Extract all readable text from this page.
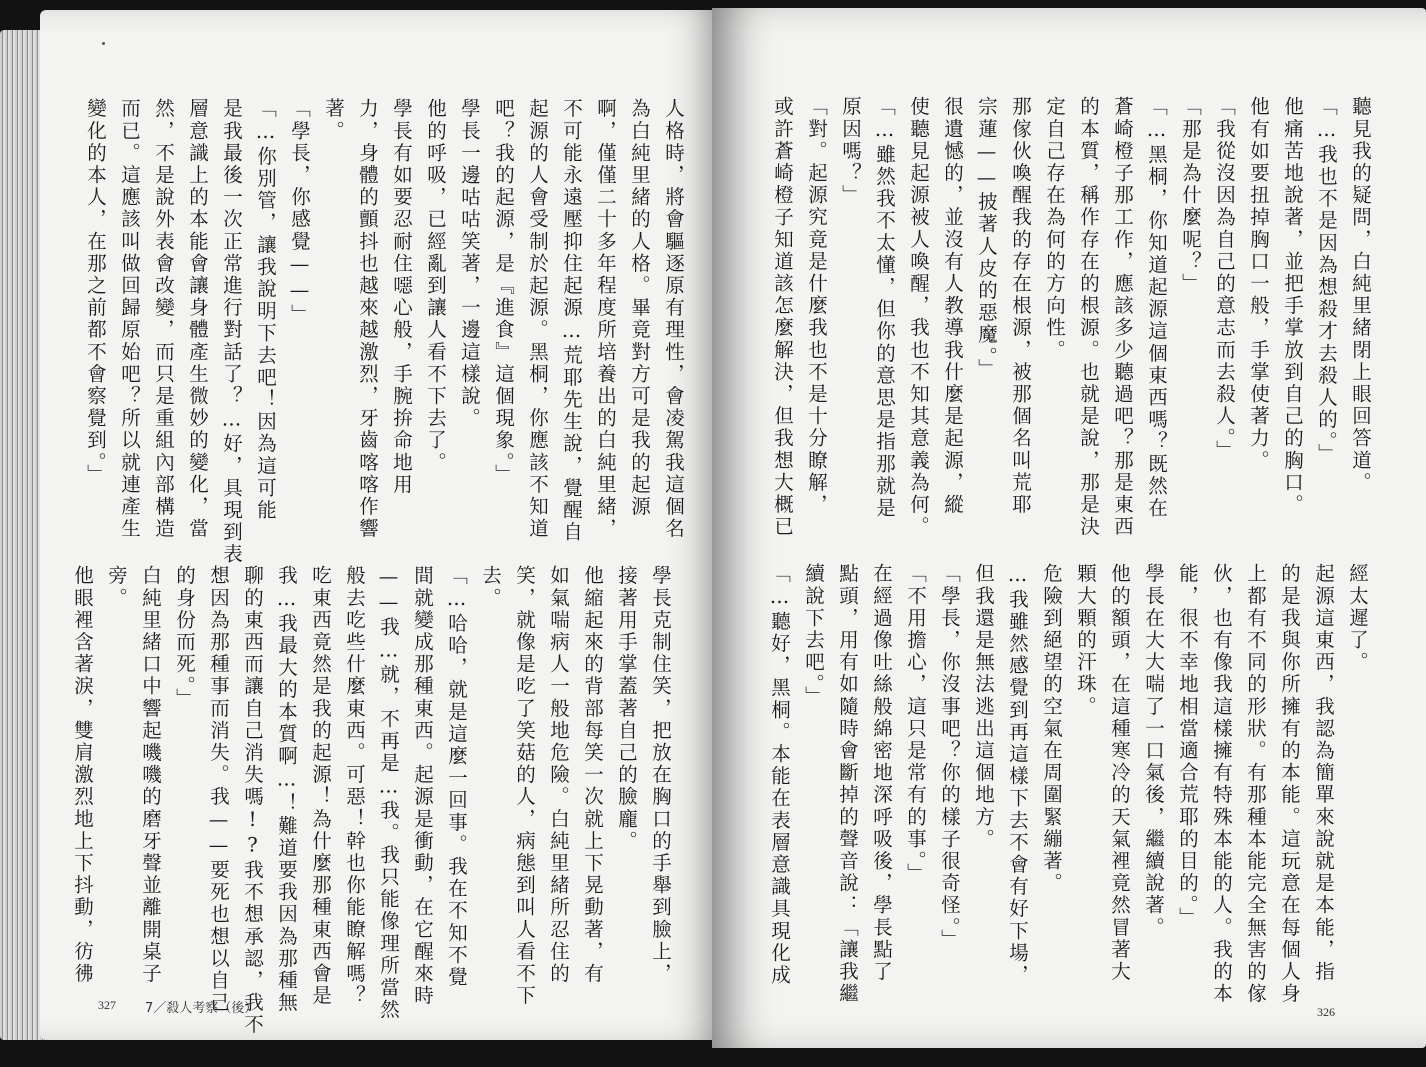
人格時，將會驅逐原有理性，會凌駕我這個名
為白純里緒的人格。畢竟對方可是我的起源
啊，僅僅二十多年程度所培養出的白純里緒，
不可能永遠壓抑住起源…荒耶先生說，覺醒自
起源的人會受制於起源。黑桐，你應該不知道
吧？我的起源，是『進食』這個現象。」
學長一邊咕咕笑著，一邊這樣說。
他的呼吸，已經亂到讓人看不下去了。
學長有如要忍耐住噁心般，手腕拚命地用
力，身體的顫抖也越來越激烈，牙齒喀喀作響
著。
「學長，你感覺——」
「…你別管，讓我說明下去吧！因為這可能
是我最後一次正常進行對話了？…好，具現到表
層意識上的本能會讓身體產生微妙的變化，當
然，不是說外表會改變，而只是重組內部構造
而已。這應該叫做回歸原始吧？所以就連產生
變化的本人，在那之前都不會察覺到。」
學長克制住笑，把放在胸口的手舉到臉上，
接著用手掌蓋著自己的臉龐。
他縮起來的背部每笑一次就上下晃動著，有
如氣喘病人一般地危險。白純里緒所忍住的
笑，就像是吃了笑菇的人，病態到叫人看不下
去。
「…哈哈，就是這麼一回事。我在不知不覺
間就變成那種東西。起源是衝動，在它醒來時
——我…就，不再是…我。我只能像理所當然
般去吃些什麼東西。可惡！幹也你能瞭解嗎？
吃東西竟然是我的起源！為什麼那種東西會是
我…我最大的本質啊…！難道要我因為那種無
聊的東西而讓自己消失嗎!?我不想承認，我不
想因為那種事而消失。我——要死也想以自己
的身份而死。」
白純里緒口中響起嘰嘰的磨牙聲並離開桌子
旁。
他眼裡含著淚，雙肩激烈地上下抖動，彷彿
327 7／殺人考察（後）
聽見我的疑問，白純里緒閉上眼回答道。
「…我也不是因為想殺才去殺人的。」
他痛苦地說著，並把手掌放到自己的胸口。
他有如要扭掉胸口一般，手掌使著力。
「我從沒因為自己的意志而去殺人。」
「那是為什麼呢？」
「…黑桐，你知道起源這個東西嗎？既然在
蒼崎橙子那工作，應該多少聽過吧？那是東西
的本質，稱作存在的根源。也就是說，那是決
定自己存在為何的方向性。
那傢伙喚醒我的存在根源，被那個名叫荒耶
宗蓮——披著人皮的惡魔。」
很遺憾的，並沒有人教導我什麼是起源，縱
使聽見起源被人喚醒，我也不知其意義為何。
「…雖然我不太懂，但你的意思是指那就是
原因嗎？」
「對。起源究竟是什麼我也不是十分瞭解，
或許蒼崎橙子知道該怎麼解決，但我想大概已
經太遲了。
起源這東西，我認為簡單來說就是本能，指
的是我與你所擁有的本能。這玩意在每個人身
上都有不同的形狀。有那種本能完全無害的傢
伙，也有像我這樣擁有特殊本能的人。我的本
能，很不幸地相當適合荒耶的目的。」
學長在大大喘了一口氣後，繼續說著。
他的額頭，在這種寒冷的天氣裡竟然冒著大
顆大顆的汗珠。
危險到絕望的空氣在周圍緊繃著。
…我雖然感覺到再這樣下去不會有好下場，
但我還是無法逃出這個地方。
「學長，你沒事吧？你的樣子很奇怪。」
「不用擔心，這只是常有的事。」
在經過像吐絲般綿密地深呼吸後，學長點了
點頭，用有如隨時會斷掉的聲音說：「讓我繼
續說下去吧。」
「…聽好，黑桐。本能在表層意識具現化成
326
